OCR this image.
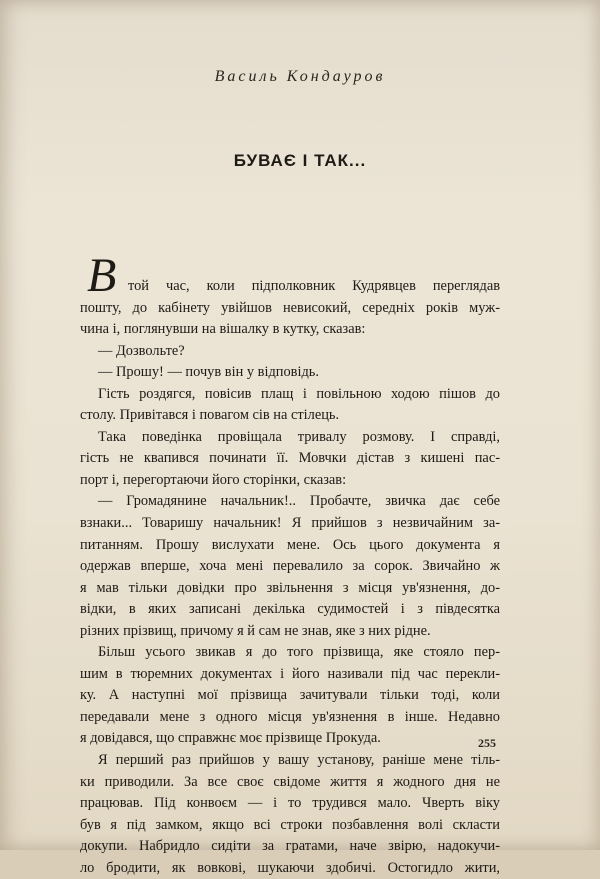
Василь Кондауров
БУВАЄ І ТАК...
В той час, коли підполковник Кудрявцев переглядав
пошту, до кабінету увійшов невисокий, середніх років муж-
чина і, поглянувши на вішалку в кутку, сказав:
— Дозвольте?
— Прошу! — почув він у відповідь.
Гість роздягся, повісив плащ і повільною ходою пішов до
столу. Привітався і повагом сів на стілець.
Така поведінка провіщала тривалу розмову. І справді,
гість не квапився починати її. Мовчки дістав з кишені пас-
порт і, перегортаючи його сторінки, сказав:
— Громадянине начальник!.. Пробачте, звичка дає себе
взнаки... Товаришу начальник! Я прийшов з незвичайним за-
питанням. Прошу вислухати мене. Ось цього документа я
одержав вперше, хоча мені перевалило за сорок. Звичайно ж
я мав тільки довідки про звільнення з місця ув'язнення, до-
відки, в яких записані декілька судимостей і з півдесятка
різних прізвищ, причому я й сам не знав, яке з них рідне.
Більш усього звикав я до того прізвища, яке стояло пер-
шим в тюремних документах і його називали під час перекли-
ку. А наступні мої прізвища зачитували тільки тоді, коли
передавали мене з одного місця ув'язнення в інше. Недавно
я довідався, що справжнє моє прізвище Прокуда.
Я перший раз прийшов у вашу установу, раніше мене тіль-
ки приводили. За все своє свідоме життя я жодного дня не
працював. Під конвоєм — і то трудився мало. Чверть віку
був я під замком, якщо всі строки позбавлення волі скласти
докупи. Набридло сидіти за гратами, наче звірю, надокучи-
ло бродити, як вовкові, шукаючи здобичі. Остогидло жити,
255
